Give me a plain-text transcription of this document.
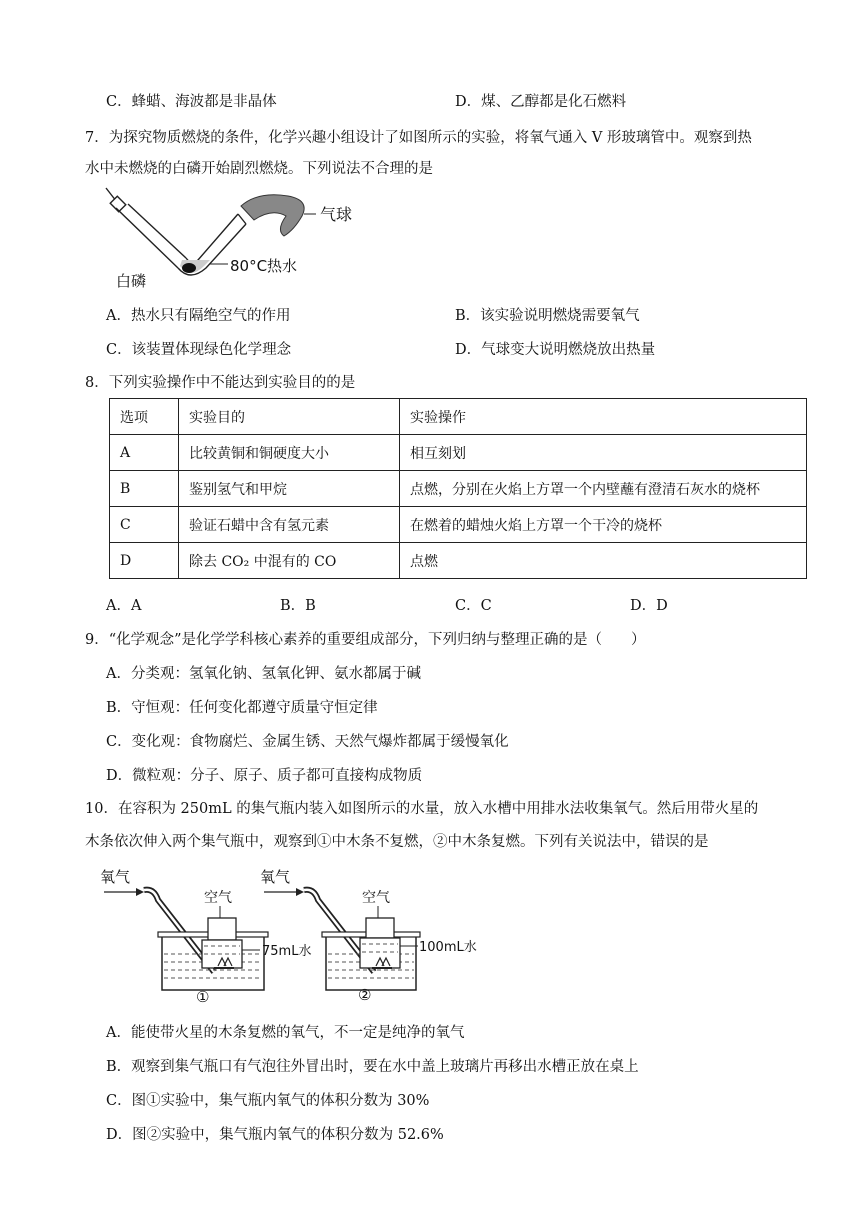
C．蜂蜡、海波都是非晶体	D．煤、乙醇都是化石燃料
7．为探究物质燃烧的条件，化学兴趣小组设计了如图所示的实验，将氧气通入 V 形玻璃管中。观察到热
水中未燃烧的白磷开始剧烈燃烧。下列说法不合理的是
气球
80°C热水
白磷
A．热水只有隔绝空气的作用	B．该实验说明燃烧需要氧气
C．该装置体现绿色化学理念	D．气球变大说明燃烧放出热量
8．下列实验操作中不能达到实验目的的是
选项	实验目的	实验操作
A	比较黄铜和铜硬度大小	相互刻划
B	鉴别氢气和甲烷	点燃，分别在火焰上方罩一个内壁蘸有澄清石灰水的烧杯
C	验证石蜡中含有氢元素	在燃着的蜡烛火焰上方罩一个干冷的烧杯
D	除去 CO₂ 中混有的 CO	点燃
A．A	B．B	C．C	D．D
9．“化学观念”是化学学科核心素养的重要组成部分，下列归纳与整理正确的是（　　）
A．分类观：氢氧化钠、氢氧化钾、氨水都属于碱
B．守恒观：任何变化都遵守质量守恒定律
C．变化观：食物腐烂、金属生锈、天然气爆炸都属于缓慢氧化
D．微粒观：分子、原子、质子都可直接构成物质
10．在容积为 250mL 的集气瓶内装入如图所示的水量，放入水槽中用排水法收集氧气。然后用带火星的
木条依次伸入两个集气瓶中，观察到①中木条不复燃，②中木条复燃。下列有关说法中，错误的是
氧气
空气
75mL水
①
氧气
空气
100mL水
②
A．能使带火星的木条复燃的氧气，不一定是纯净的氧气
B．观察到集气瓶口有气泡往外冒出时，要在水中盖上玻璃片再移出水槽正放在桌上
C．图①实验中，集气瓶内氧气的体积分数为 30%
D．图②实验中，集气瓶内氧气的体积分数为 52.6%
